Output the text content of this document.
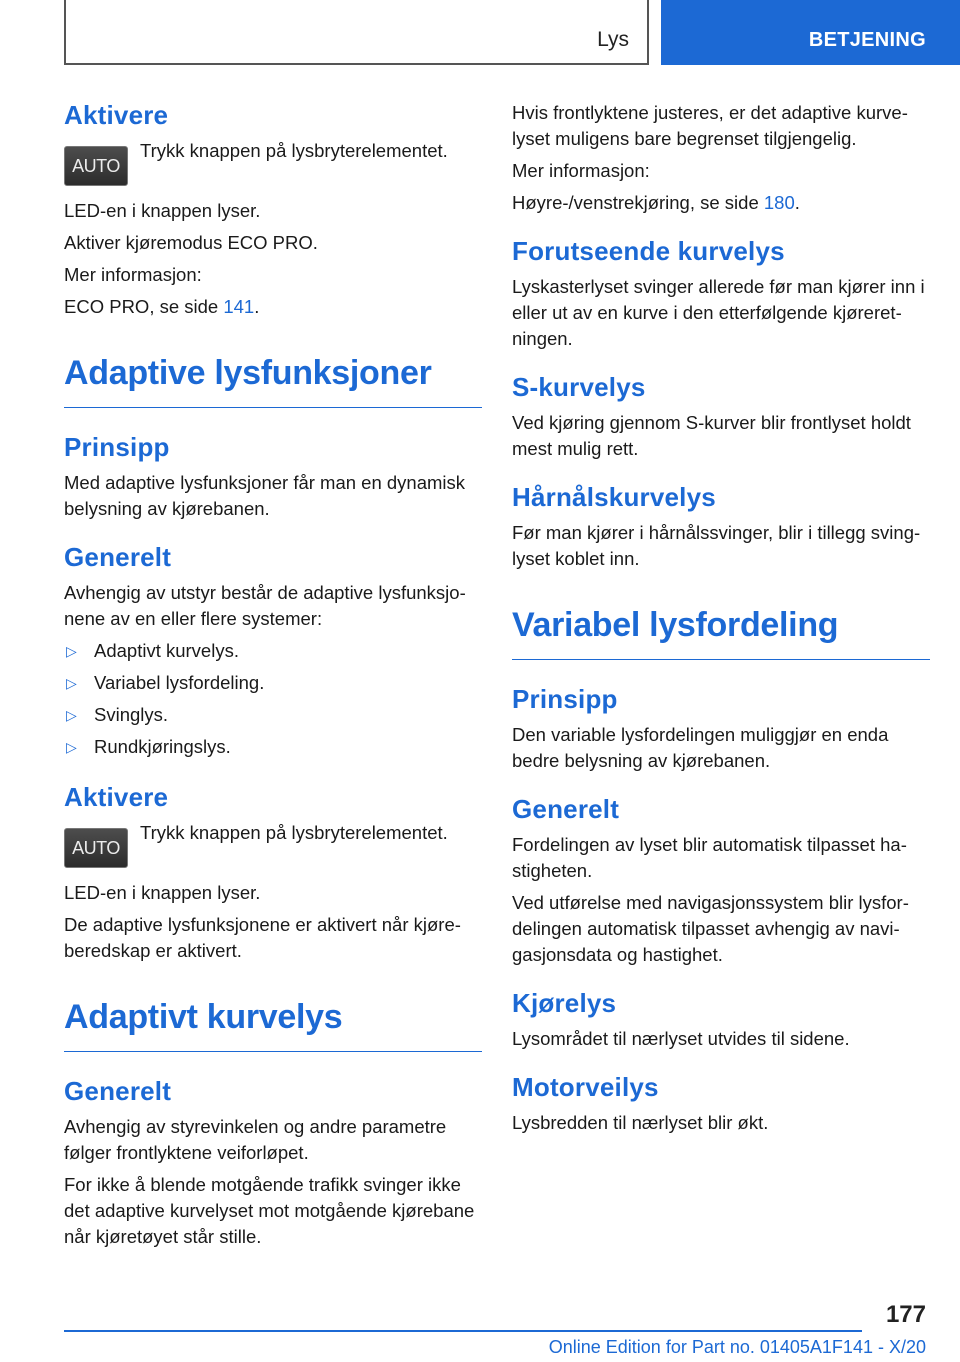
Lys	BETJENING
Aktivere
AUTO

Trykk knappen på lysbryterelementet.

LED-en i knappen lyser.

Aktiver kjøremodus ECO PRO.

Mer informasjon:

ECO PRO, se side 141.

Adaptive lysfunksjoner
Prinsipp

Med adaptive lysfunksjoner får man en dynamisk belysning av kjørebanen.

Generelt

Avhengig av utstyr består de adaptive lysfunksjonene av en eller flere systemer:

▷ Adaptivt kurvelys.
▷ Variabel lysfordeling.
▷ Svinglys.
▷ Rundkjøringslys.
Aktivere
AUTO

Trykk knappen på lysbryterelementet.

LED-en i knappen lyser.

De adaptive lysfunksjonene er aktivert når kjøreberedskap er aktivert.

Adaptivt kurvelys
Generelt

Avhengig av styrevinkelen og andre parametre følger frontlyktene veiforløpet.

For ikke å blende motgående trafikk svinger ikke det adaptive kurvelyset mot motgående kjørebane når kjøretøyet står stille.

Hvis frontlyktene justeres, er det adaptive kurvelyset muligens bare begrenset tilgjengelig.

Mer informasjon:

Høyre-/venstrekjøring, se side 180.

Forutseende kurvelys

Lyskasterlyset svinger allerede før man kjører inn i eller ut av en kurve i den etterfølgende kjøreretningen.

S-kurvelys

Ved kjøring gjennom S-kurver blir frontlyset holdt mest mulig rett.

Hårnålskurvelys

Før man kjører i hårnålssvinger, blir i tillegg svinglyset koblet inn.

Variabel lysfordeling
Prinsipp

Den variable lysfordelingen muliggjør en enda bedre belysning av kjørebanen.

Generelt

Fordelingen av lyset blir automatisk tilpasset hastigheten.

Ved utførelse med navigasjonssystem blir lysfordelingen automatisk tilpasset avhengig av navigasjonsdata og hastighet.

Kjørelys

Lysområdet til nærlyset utvides til sidene.

Motorveilys

Lysbredden til nærlyset blir økt.

177
Online Edition for Part no. 01405A1F141 - X/20
